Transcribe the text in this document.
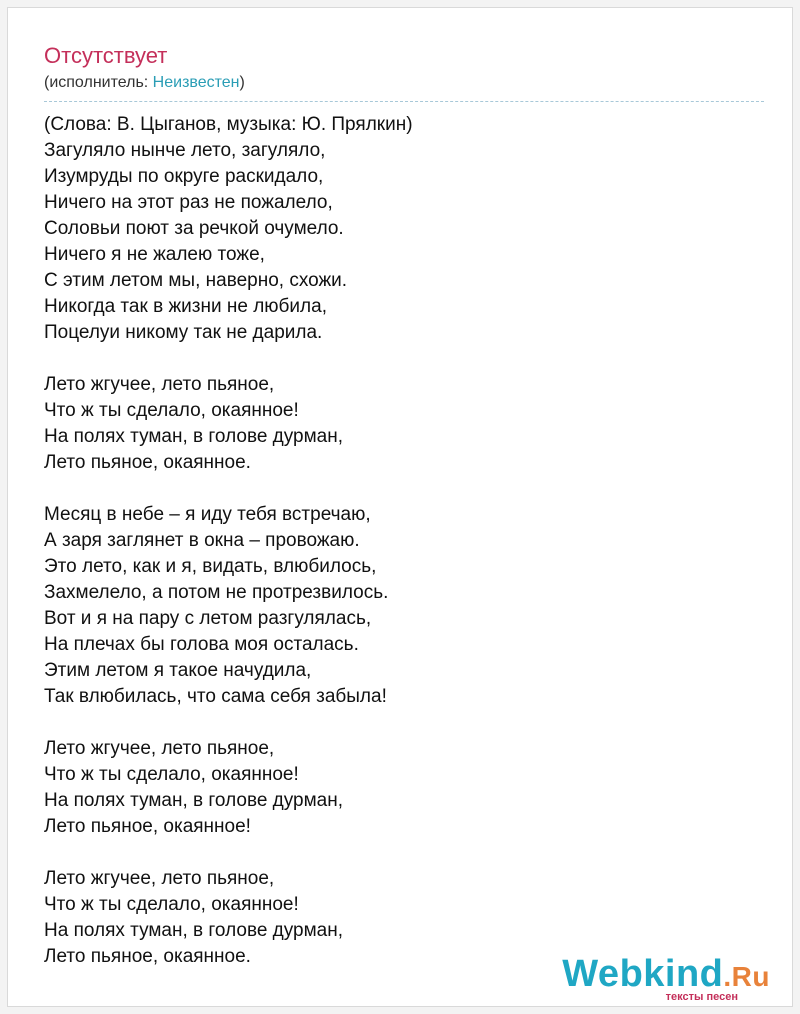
Отсутствует
(исполнитель: Неизвестен)
(Слова: В. Цыганов, музыка: Ю. Прялкин)
Загуляло нынче лето, загуляло,
Изумруды по округе раскидало,
Ничего на этот раз не пожалело,
Соловьи поют за речкой очумело.
Ничего я не жалею тоже,
С этим летом мы, наверно, схожи.
Никогда так в жизни не любила,
Поцелуи никому так не дарила.
Лето жгучее, лето пьяное,
Что ж ты сделало, окаянное!
На полях туман, в голове дурман,
Лето пьяное, окаянное.
Месяц в небе – я иду тебя встречаю,
А заря заглянет в окна – провожаю.
Это лето, как и я, видать, влюбилось,
Захмелело, а потом не протрезвилось.
Вот и я на пару с летом разгулялась,
На плечах бы голова моя осталась.
Этим летом я такое начудила,
Так влюбилась, что сама себя забыла!
Лето жгучее, лето пьяное,
Что ж ты сделало, окаянное!
На полях туман, в голове дурман,
Лето пьяное, окаянное!
Лето жгучее, лето пьяное,
Что ж ты сделало, окаянное!
На полях туман, в голове дурман,
Лето пьяное, окаянное.	Webkind.Ru
тексты песен
